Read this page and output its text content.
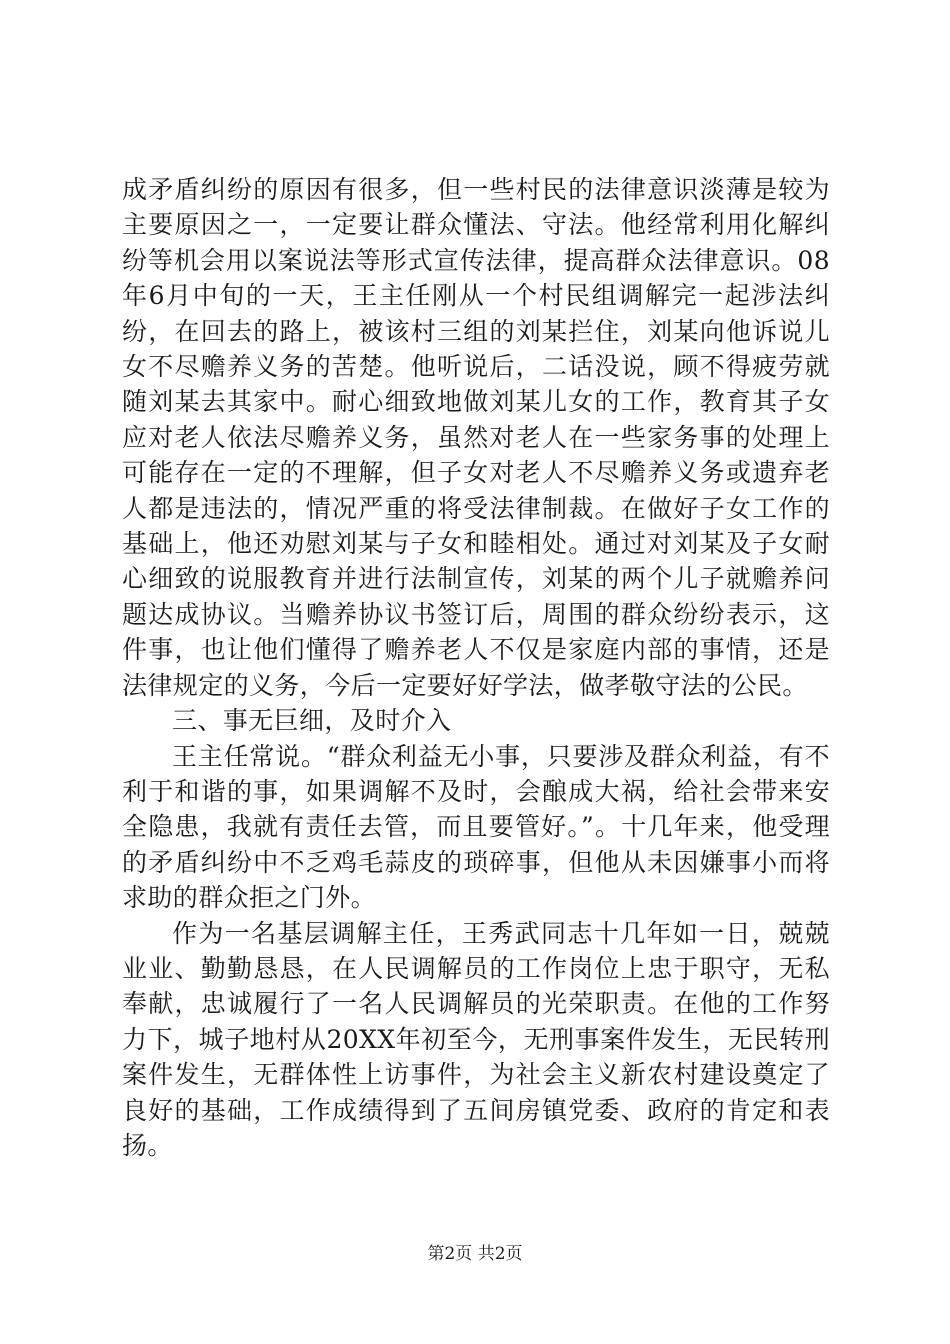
成矛盾纠纷的原因有很多，但一些村民的法律意识淡薄是较为主要原因之一，一定要让群众懂法、守法。他经常利用化解纠纷等机会用以案说法等形式宣传法律，提高群众法律意识。08年6月中旬的一天，王主任刚从一个村民组调解完一起涉法纠纷，在回去的路上，被该村三组的刘某拦住，刘某向他诉说儿女不尽赡养义务的苦楚。他听说后，二话没说，顾不得疲劳就随刘某去其家中。耐心细致地做刘某儿女的工作，教育其子女应对老人依法尽赡养义务，虽然对老人在一些家务事的处理上可能存在一定的不理解，但子女对老人不尽赡养义务或遗弃老人都是违法的，情况严重的将受法律制裁。在做好子女工作的基础上，他还劝慰刘某与子女和睦相处。通过对刘某及子女耐心细致的说服教育并进行法制宣传，刘某的两个儿子就赡养问题达成协议。当赡养协议书签订后，周围的群众纷纷表示，这件事，也让他们懂得了赡养老人不仅是家庭内部的事情，还是法律规定的义务，今后一定要好好学法，做孝敬守法的公民。

三、事无巨细，及时介入

王主任常说。“群众利益无小事，只要涉及群众利益，有不利于和谐的事，如果调解不及时，会酿成大祸，给社会带来安全隐患，我就有责任去管，而且要管好。”。十几年来，他受理的矛盾纠纷中不乏鸡毛蒜皮的琐碎事，但他从未因嫌事小而将求助的群众拒之门外。

作为一名基层调解主任，王秀武同志十几年如一日，兢兢业业、勤勤恳恳，在人民调解员的工作岗位上忠于职守，无私奉献，忠诚履行了一名人民调解员的光荣职责。在他的工作努力下，城子地村从20XX年初至今，无刑事案件发生，无民转刑案件发生，无群体性上访事件，为社会主义新农村建设奠定了良好的基础，工作成绩得到了五间房镇党委、政府的肯定和表扬。

第2页 共2页
